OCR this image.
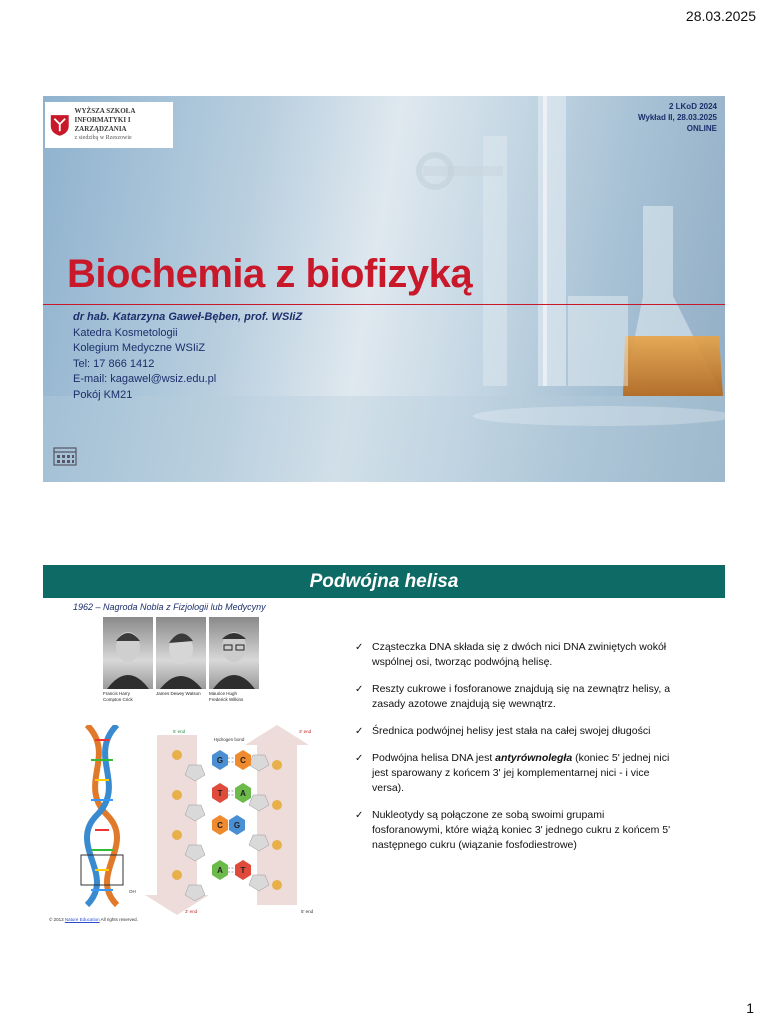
28.03.2025
WYŻSZA SZKOŁA
INFORMATYKI I ZARZĄDZANIA
z siedzibą w Rzeszowie
2 LKoD 2024
Wykład II, 28.03.2025
ONLINE
Biochemia z biofizyką
dr hab. Katarzyna Gaweł-Bęben, prof. WSIiZ
Katedra Kosmetologii
Kolegium Medyczne WSIiZ
Tel: 17 866 1412
E-mail: kagawel@wsiz.edu.pl
Pokój KM21
Podwójna helisa
1962 – Nagroda Nobla z Fizjologii lub Medycyny
Francis Harry
Compton Crick
James Dewey Watson	Maurice Hugh
Frederick Wilkins
G
T
C
A
C
A
G
T
Hydrogen bond
5' end	3' end
3' end	5' end
OH
© 2013 Nature Education All rights reserved.
✓ Cząsteczka DNA składa się z dwóch nici DNA zwiniętych wokół wspólnej osi, tworząc podwójną helisę.
✓ Reszty cukrowe i fosforanowe znajdują się na zewnątrz helisy, a zasady azotowe znajdują się wewnątrz.
✓ Średnica podwójnej helisy jest stała na całej swojej długości
✓ Podwójna helisa DNA jest antyrównoległa (koniec 5' jednej nici jest sparowany z końcem 3' jej komplementarnej nici - i vice versa).
✓ Nukleotydy są połączone ze sobą swoimi grupami fosforanowymi, które wiążą koniec 3' jednego cukru z końcem 5' następnego cukru (wiązanie fosfodiestrowe)
1
